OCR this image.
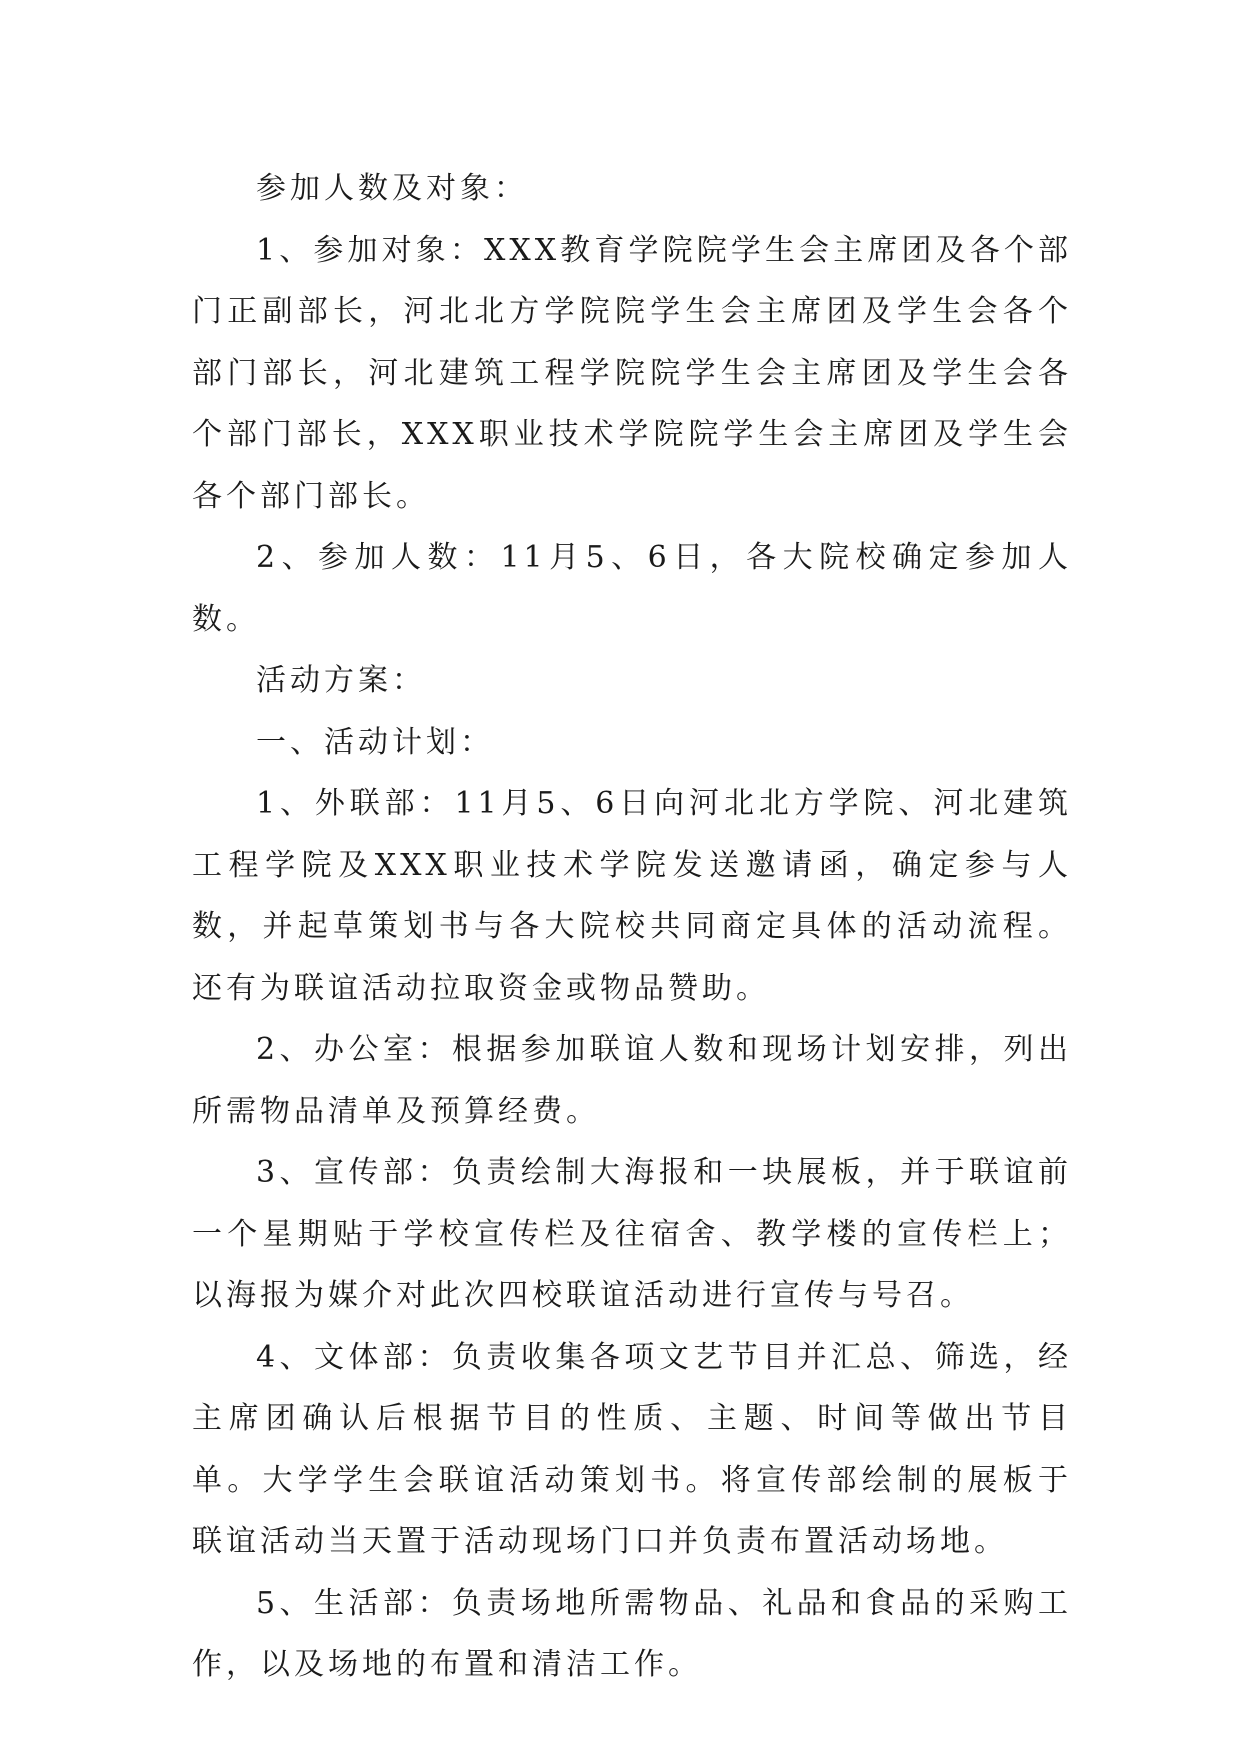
参加人数及对象：

1、参加对象：XXX教育学院院学生会主席团及各个部门正副部长，河北北方学院院学生会主席团及学生会各个部门部长，河北建筑工程学院院学生会主席团及学生会各个部门部长，XXX职业技术学院院学生会主席团及学生会各个部门部长。

2、参加人数：11月5、6日，各大院校确定参加人数。

活动方案：

一、活动计划：

1、外联部：11月5、6日向河北北方学院、河北建筑工程学院及XXX职业技术学院发送邀请函，确定参与人数，并起草策划书与各大院校共同商定具体的活动流程。还有为联谊活动拉取资金或物品赞助。

2、办公室：根据参加联谊人数和现场计划安排，列出所需物品清单及预算经费。

3、宣传部：负责绘制大海报和一块展板，并于联谊前一个星期贴于学校宣传栏及往宿舍、教学楼的宣传栏上；以海报为媒介对此次四校联谊活动进行宣传与号召。

4、文体部：负责收集各项文艺节目并汇总、筛选，经主席团确认后根据节目的性质、主题、时间等做出节目单。大学学生会联谊活动策划书。将宣传部绘制的展板于联谊活动当天置于活动现场门口并负责布置活动场地。

5、生活部：负责场地所需物品、礼品和食品的采购工作，以及场地的布置和清洁工作。
